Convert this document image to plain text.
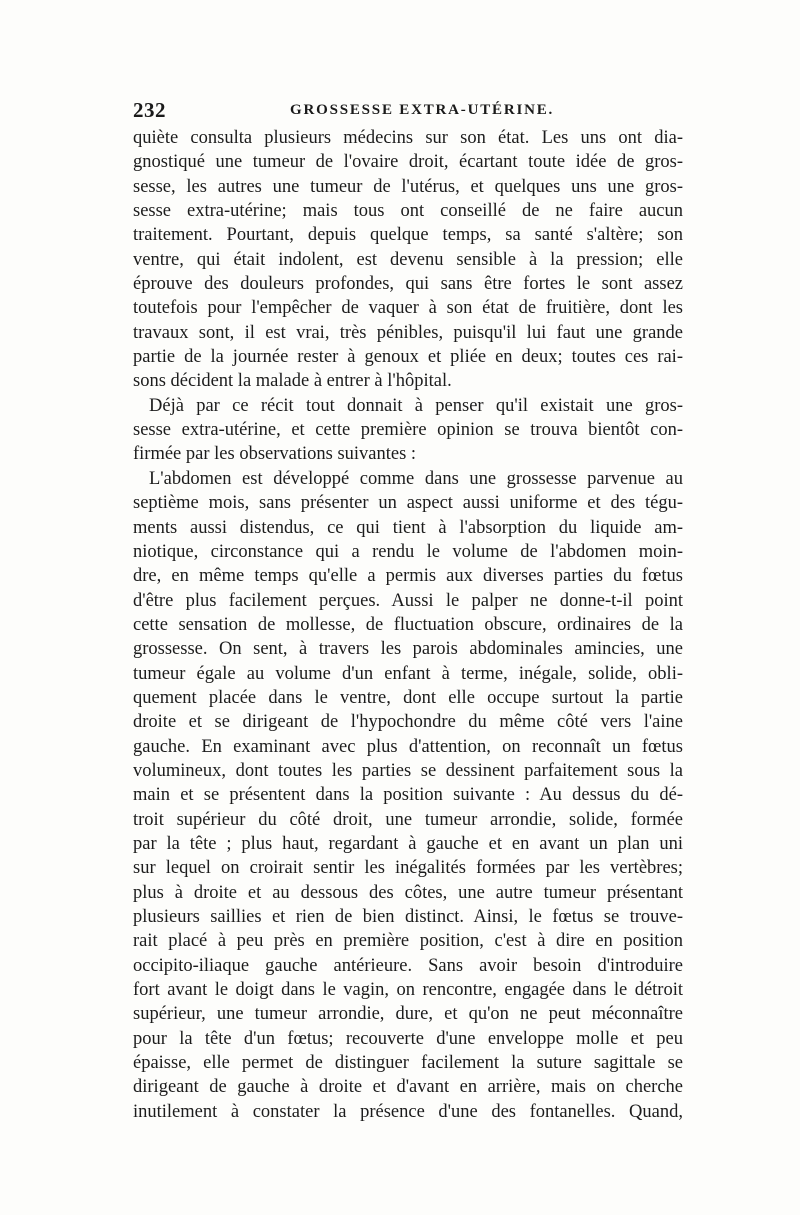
232	GROSSESSE EXTRA-UTÉRINE.
quiète consulta plusieurs médecins sur son état. Les uns ont dia-
gnostiqué une tumeur de l'ovaire droit, écartant toute idée de gros-
sesse, les autres une tumeur de l'utérus, et quelques uns une gros-
sesse extra-utérine; mais tous ont conseillé de ne faire aucun
traitement. Pourtant, depuis quelque temps, sa santé s'altère; son
ventre, qui était indolent, est devenu sensible à la pression; elle
éprouve des douleurs profondes, qui sans être fortes le sont assez
toutefois pour l'empêcher de vaquer à son état de fruitière, dont les
travaux sont, il est vrai, très pénibles, puisqu'il lui faut une grande
partie de la journée rester à genoux et pliée en deux; toutes ces rai-
sons décident la malade à entrer à l'hôpital.
Déjà par ce récit tout donnait à penser qu'il existait une gros-
sesse extra-utérine, et cette première opinion se trouva bientôt con-
firmée par les observations suivantes :
L'abdomen est développé comme dans une grossesse parvenue au
septième mois, sans présenter un aspect aussi uniforme et des tégu-
ments aussi distendus, ce qui tient à l'absorption du liquide am-
niotique, circonstance qui a rendu le volume de l'abdomen moin-
dre, en même temps qu'elle a permis aux diverses parties du fœtus
d'être plus facilement perçues. Aussi le palper ne donne-t-il point
cette sensation de mollesse, de fluctuation obscure, ordinaires de la
grossesse. On sent, à travers les parois abdominales amincies, une
tumeur égale au volume d'un enfant à terme, inégale, solide, obli-
quement placée dans le ventre, dont elle occupe surtout la partie
droite et se dirigeant de l'hypochondre du même côté vers l'aine
gauche. En examinant avec plus d'attention, on reconnaît un fœtus
volumineux, dont toutes les parties se dessinent parfaitement sous la
main et se présentent dans la position suivante : Au dessus du dé-
troit supérieur du côté droit, une tumeur arrondie, solide, formée
par la tête ; plus haut, regardant à gauche et en avant un plan uni
sur lequel on croirait sentir les inégalités formées par les vertèbres;
plus à droite et au dessous des côtes, une autre tumeur présentant
plusieurs saillies et rien de bien distinct. Ainsi, le fœtus se trouve-
rait placé à peu près en première position, c'est à dire en position
occipito-iliaque gauche antérieure. Sans avoir besoin d'introduire
fort avant le doigt dans le vagin, on rencontre, engagée dans le détroit
supérieur, une tumeur arrondie, dure, et qu'on ne peut méconnaître
pour la tête d'un fœtus; recouverte d'une enveloppe molle et peu
épaisse, elle permet de distinguer facilement la suture sagittale se
dirigeant de gauche à droite et d'avant en arrière, mais on cherche
inutilement à constater la présence d'une des fontanelles. Quand,
